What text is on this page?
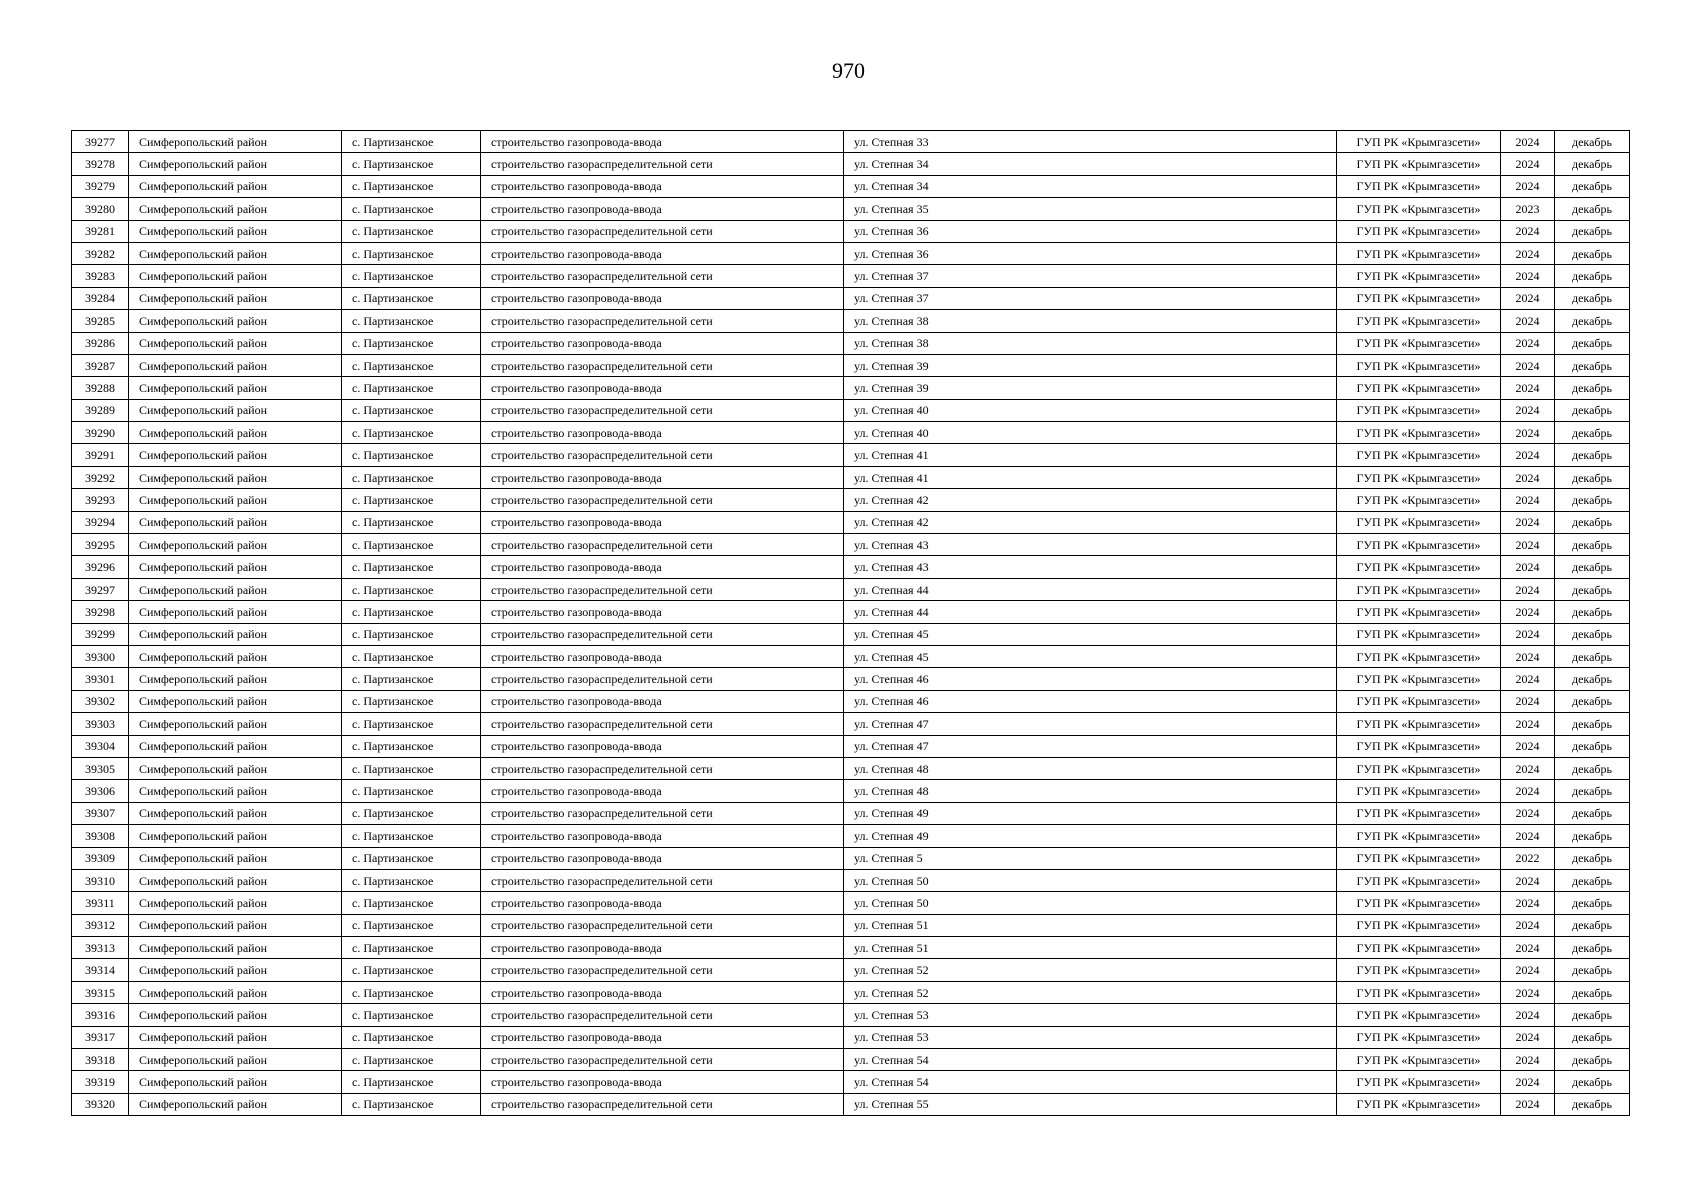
970
39277	Симферопольский район	с. Партизанское	строительство газопровода-ввода	ул. Степная 33	ГУП РК «Крымгазсети»	2024	декабрь
39278	Симферопольский район	с. Партизанское	строительство газораспределительной сети	ул. Степная 34	ГУП РК «Крымгазсети»	2024	декабрь
39279	Симферопольский район	с. Партизанское	строительство газопровода-ввода	ул. Степная 34	ГУП РК «Крымгазсети»	2024	декабрь
39280	Симферопольский район	с. Партизанское	строительство газопровода-ввода	ул. Степная 35	ГУП РК «Крымгазсети»	2023	декабрь
39281	Симферопольский район	с. Партизанское	строительство газораспределительной сети	ул. Степная 36	ГУП РК «Крымгазсети»	2024	декабрь
39282	Симферопольский район	с. Партизанское	строительство газопровода-ввода	ул. Степная 36	ГУП РК «Крымгазсети»	2024	декабрь
39283	Симферопольский район	с. Партизанское	строительство газораспределительной сети	ул. Степная 37	ГУП РК «Крымгазсети»	2024	декабрь
39284	Симферопольский район	с. Партизанское	строительство газопровода-ввода	ул. Степная 37	ГУП РК «Крымгазсети»	2024	декабрь
39285	Симферопольский район	с. Партизанское	строительство газораспределительной сети	ул. Степная 38	ГУП РК «Крымгазсети»	2024	декабрь
39286	Симферопольский район	с. Партизанское	строительство газопровода-ввода	ул. Степная 38	ГУП РК «Крымгазсети»	2024	декабрь
39287	Симферопольский район	с. Партизанское	строительство газораспределительной сети	ул. Степная 39	ГУП РК «Крымгазсети»	2024	декабрь
39288	Симферопольский район	с. Партизанское	строительство газопровода-ввода	ул. Степная 39	ГУП РК «Крымгазсети»	2024	декабрь
39289	Симферопольский район	с. Партизанское	строительство газораспределительной сети	ул. Степная 40	ГУП РК «Крымгазсети»	2024	декабрь
39290	Симферопольский район	с. Партизанское	строительство газопровода-ввода	ул. Степная 40	ГУП РК «Крымгазсети»	2024	декабрь
39291	Симферопольский район	с. Партизанское	строительство газораспределительной сети	ул. Степная 41	ГУП РК «Крымгазсети»	2024	декабрь
39292	Симферопольский район	с. Партизанское	строительство газопровода-ввода	ул. Степная 41	ГУП РК «Крымгазсети»	2024	декабрь
39293	Симферопольский район	с. Партизанское	строительство газораспределительной сети	ул. Степная 42	ГУП РК «Крымгазсети»	2024	декабрь
39294	Симферопольский район	с. Партизанское	строительство газопровода-ввода	ул. Степная 42	ГУП РК «Крымгазсети»	2024	декабрь
39295	Симферопольский район	с. Партизанское	строительство газораспределительной сети	ул. Степная 43	ГУП РК «Крымгазсети»	2024	декабрь
39296	Симферопольский район	с. Партизанское	строительство газопровода-ввода	ул. Степная 43	ГУП РК «Крымгазсети»	2024	декабрь
39297	Симферопольский район	с. Партизанское	строительство газораспределительной сети	ул. Степная 44	ГУП РК «Крымгазсети»	2024	декабрь
39298	Симферопольский район	с. Партизанское	строительство газопровода-ввода	ул. Степная 44	ГУП РК «Крымгазсети»	2024	декабрь
39299	Симферопольский район	с. Партизанское	строительство газораспределительной сети	ул. Степная 45	ГУП РК «Крымгазсети»	2024	декабрь
39300	Симферопольский район	с. Партизанское	строительство газопровода-ввода	ул. Степная 45	ГУП РК «Крымгазсети»	2024	декабрь
39301	Симферопольский район	с. Партизанское	строительство газораспределительной сети	ул. Степная 46	ГУП РК «Крымгазсети»	2024	декабрь
39302	Симферопольский район	с. Партизанское	строительство газопровода-ввода	ул. Степная 46	ГУП РК «Крымгазсети»	2024	декабрь
39303	Симферопольский район	с. Партизанское	строительство газораспределительной сети	ул. Степная 47	ГУП РК «Крымгазсети»	2024	декабрь
39304	Симферопольский район	с. Партизанское	строительство газопровода-ввода	ул. Степная 47	ГУП РК «Крымгазсети»	2024	декабрь
39305	Симферопольский район	с. Партизанское	строительство газораспределительной сети	ул. Степная 48	ГУП РК «Крымгазсети»	2024	декабрь
39306	Симферопольский район	с. Партизанское	строительство газопровода-ввода	ул. Степная 48	ГУП РК «Крымгазсети»	2024	декабрь
39307	Симферопольский район	с. Партизанское	строительство газораспределительной сети	ул. Степная 49	ГУП РК «Крымгазсети»	2024	декабрь
39308	Симферопольский район	с. Партизанское	строительство газопровода-ввода	ул. Степная 49	ГУП РК «Крымгазсети»	2024	декабрь
39309	Симферопольский район	с. Партизанское	строительство газопровода-ввода	ул. Степная 5	ГУП РК «Крымгазсети»	2022	декабрь
39310	Симферопольский район	с. Партизанское	строительство газораспределительной сети	ул. Степная 50	ГУП РК «Крымгазсети»	2024	декабрь
39311	Симферопольский район	с. Партизанское	строительство газопровода-ввода	ул. Степная 50	ГУП РК «Крымгазсети»	2024	декабрь
39312	Симферопольский район	с. Партизанское	строительство газораспределительной сети	ул. Степная 51	ГУП РК «Крымгазсети»	2024	декабрь
39313	Симферопольский район	с. Партизанское	строительство газопровода-ввода	ул. Степная 51	ГУП РК «Крымгазсети»	2024	декабрь
39314	Симферопольский район	с. Партизанское	строительство газораспределительной сети	ул. Степная 52	ГУП РК «Крымгазсети»	2024	декабрь
39315	Симферопольский район	с. Партизанское	строительство газопровода-ввода	ул. Степная 52	ГУП РК «Крымгазсети»	2024	декабрь
39316	Симферопольский район	с. Партизанское	строительство газораспределительной сети	ул. Степная 53	ГУП РК «Крымгазсети»	2024	декабрь
39317	Симферопольский район	с. Партизанское	строительство газопровода-ввода	ул. Степная 53	ГУП РК «Крымгазсети»	2024	декабрь
39318	Симферопольский район	с. Партизанское	строительство газораспределительной сети	ул. Степная 54	ГУП РК «Крымгазсети»	2024	декабрь
39319	Симферопольский район	с. Партизанское	строительство газопровода-ввода	ул. Степная 54	ГУП РК «Крымгазсети»	2024	декабрь
39320	Симферопольский район	с. Партизанское	строительство газораспределительной сети	ул. Степная 55	ГУП РК «Крымгазсети»	2024	декабрь
